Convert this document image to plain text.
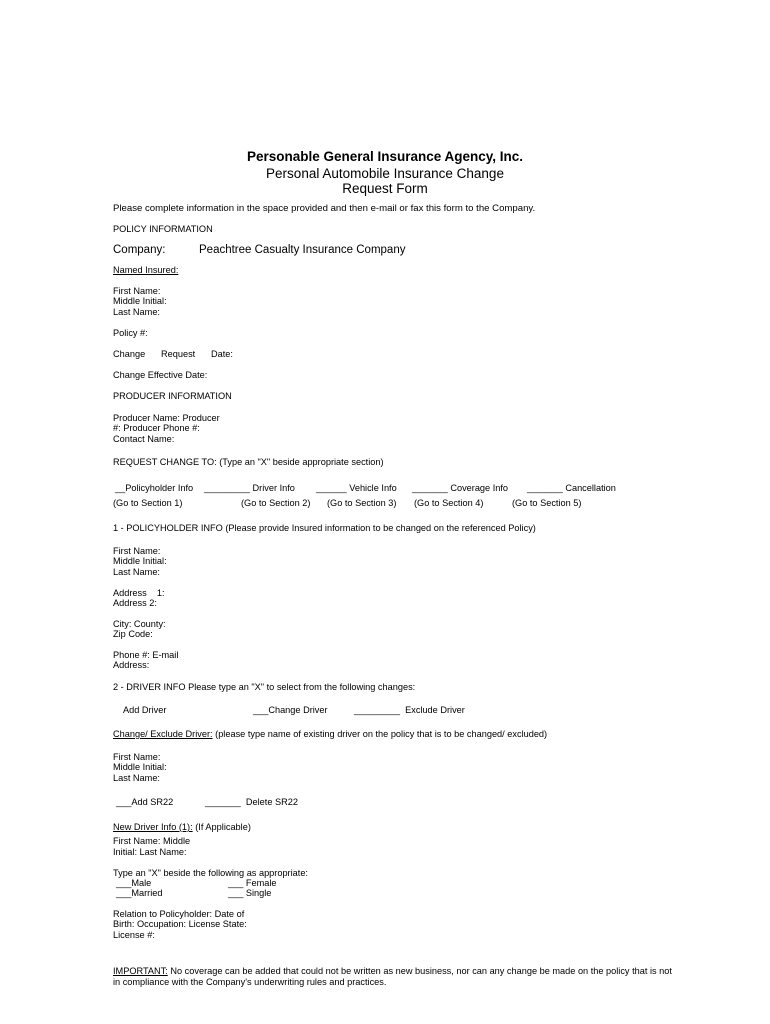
Personable General Insurance Agency, Inc.
Personal Automobile Insurance Change
Request Form
Please complete information in the space provided and then e-mail or fax this form to the Company.
POLICY INFORMATION
Company:	Peachtree Casualty Insurance Company
Named Insured:
First Name:
Middle Initial:
Last Name:
Policy #:
Change Request Date:
Change Effective Date:
PRODUCER INFORMATION
Producer Name: Producer
#: Producer Phone #:
Contact Name:
REQUEST CHANGE TO: (Type an "X" beside appropriate section)
__Policyholder Info _________ Driver Info ______ Vehicle Info _______ Coverage Info _______ Cancellation
(Go to Section 1)	(Go to Section 2) (Go to Section 3) (Go to Section 4)	(Go to Section 5)
1 - POLICYHOLDER INFO (Please provide Insured information to be changed on the referenced Policy)
First Name:
Middle Initial:
Last Name:
Address    1:
Address 2:
City: County:
Zip Code:
Phone #: E-mail
Address:
2 - DRIVER INFO Please type an "X" to select from the following changes:
Add Driver	___Change Driver	_________  Exclude Driver
Change/ Exclude Driver: (please type name of existing driver on the policy that is to be changed/ excluded)
First Name:
Middle Initial:
Last Name:
___Add SR22	_______  Delete SR22
New Driver Info (1): (If Applicable)
First Name: Middle
Initial: Last Name:
Type an "X" beside the following as appropriate:
___Male	___ Female
___Married	___ Single
Relation to Policyholder: Date of
Birth: Occupation: License State:
License #:
IMPORTANT: No coverage can be added that could not be written as new business, nor can any change be made on the policy that is not in compliance with the Company's underwriting rules and practices.
